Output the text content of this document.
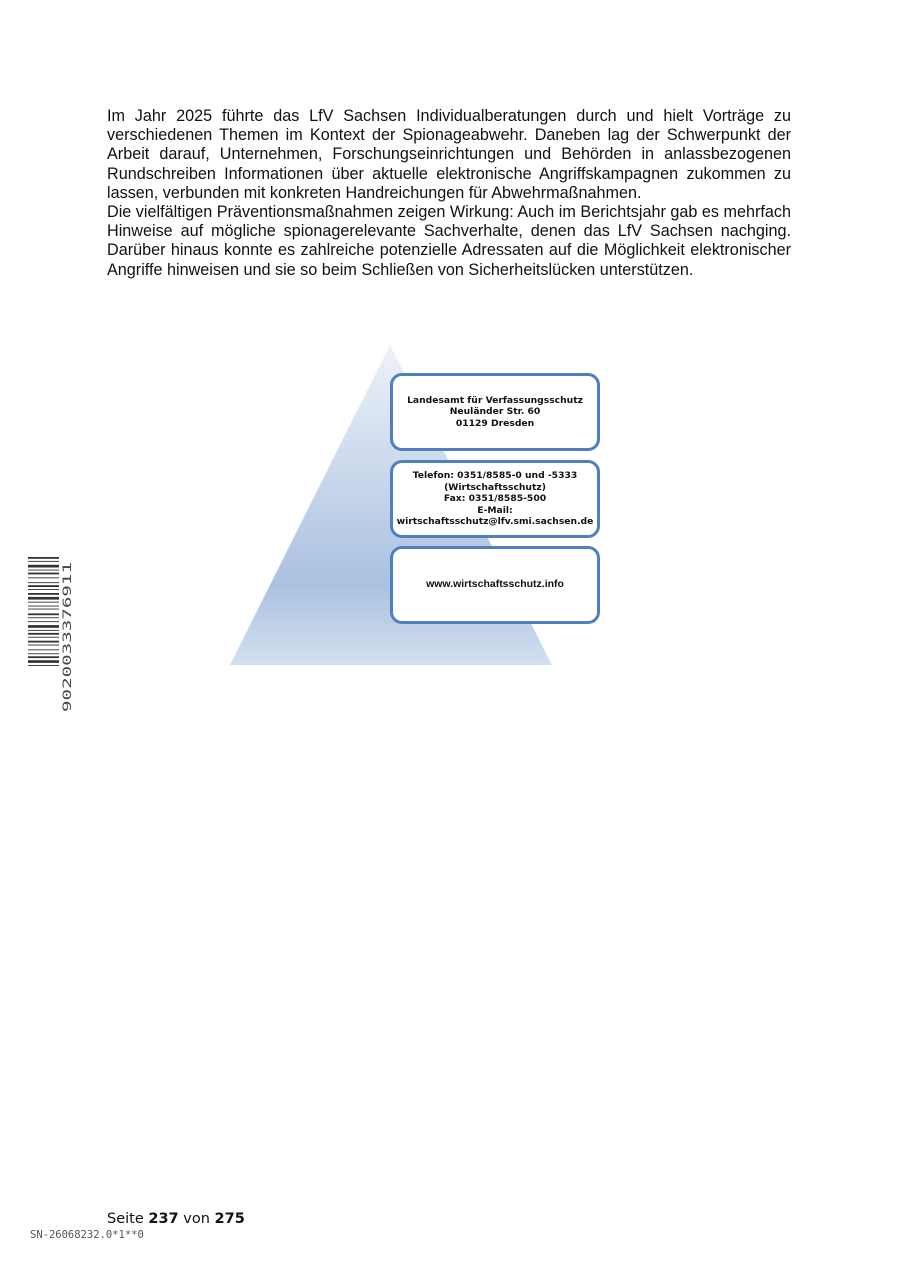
Im Jahr 2025 führte das LfV Sachsen Individualberatungen durch und hielt Vorträge zu verschiedenen Themen im Kontext der Spionageabwehr. Daneben lag der Schwerpunkt der Arbeit darauf, Unternehmen, Forschungseinrichtungen und Behörden in anlassbezogenen Rundschreiben Informationen über aktuelle elektronische Angriffskampagnen zukommen zu lassen, verbunden mit konkreten Handreichungen für Abwehrmaßnahmen.

Die vielfältigen Präventionsmaßnahmen zeigen Wirkung: Auch im Berichtsjahr gab es mehrfach Hinweise auf mögliche spionagerelevante Sachverhalte, denen das LfV Sachsen nachging. Darüber hinaus konnte es zahlreiche potenzielle Adressaten auf die Möglichkeit elektronischer Angriffe hinweisen und sie so beim Schließen von Sicherheitslücken unterstützen.

Landesamt für Verfassungsschutz
Neuländer Str. 60
01129 Dresden
Telefon: 0351/8585-0 und -5333
(Wirtschaftsschutz)
Fax: 0351/8585-500
E-Mail:
wirtschaftsschutz@lfv.smi.sachsen.de
www.wirtschaftsschutz.info
9020033376911
Seite 237 von 275
SN-26068232.0*1**0
